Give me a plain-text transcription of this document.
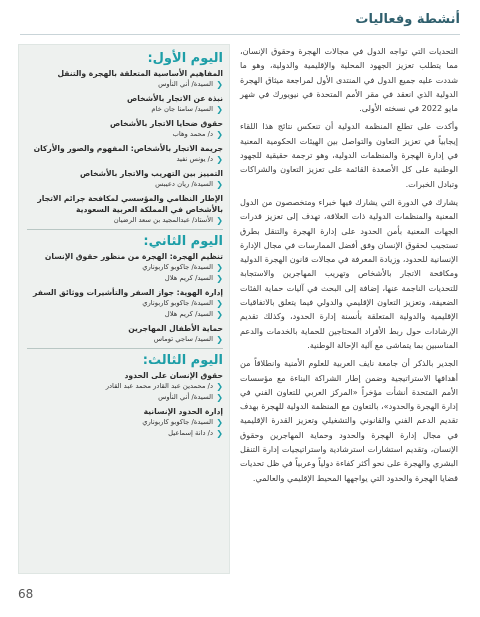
أنشطة وفعاليات

التحديات التي تواجه الدول في مجالات الهجرة وحقوق الإنسان، مما يتطلب تعزيز الجهود المحلية والإقليمية والدولية، وهو ما شددت عليه جميع الدول في المنتدى الأول لمراجعة ميثاق الهجرة الدولية الذي انعقد في مقر الأمم المتحدة في نيويورك في شهر مايو 2022 في نسخته الأولى.

وأكدت على تطلع المنظمة الدولية أن تنعكس نتائج هذا اللقاء إيجابياً في تعزيز التعاون والتواصل بين الهيئات الحكومية المعنية في إدارة الهجرة والمنظمات الدولية، وهو ترجمة حقيقية للجهود الوطنية على كل الأصعدة القائمة على تعزيز التعاون والشراكات وتبادل الخبرات.

يشارك في الدورة التي يشارك فيها خبراء ومتخصصون من الدول المعنية والمنظمات الدولية ذات العلاقة، تهدف إلى تعزيز قدرات الجهات المعنية بأمن الحدود على إدارة الهجرة والتنقل بطرق تستجيب لحقوق الإنسان وفق أفضل الممارسات في مجال الإدارة الإنسانية للحدود، وزيادة المعرفة في مجالات قانون الهجرة الدولية ومكافحة الاتجار بالأشخاص وتهريب المهاجرين والاستجابة للتحديات الناجمة عنها، إضافة إلى البحث في آليات حماية الفئات الضعيفة، وتعزيز التعاون الإقليمي والدولي فيما يتعلق بالاتفاقيات الإقليمية والدولية المتعلقة بأنسنة إدارة الحدود، وكذلك تقديم الإرشادات حول ربط الأفراد المحتاجين للحماية بالخدمات والدعم المناسبين بما يتماشى مع آلية الإحالة الوطنية.

الجدير بالذكر أن جامعة نايف العربية للعلوم الأمنية وانطلاقاً من أهدافها الاستراتيجية وضمن إطار الشراكة البناءة مع مؤسسات الأمم المتحدة أنشأت مؤخراً «المركز العربي للتعاون الفني في إدارة الهجرة والحدود»، بالتعاون مع المنظمة الدولية للهجرة بهدف تقديم الدعم الفني والقانوني والتشغيلي وتعزيز القدرة الإقليمية في مجال إدارة الهجرة والحدود وحماية المهاجرين وحقوق الإنسان، وتقديم استشارات استرشادية واستراتيجيات إدارة التنقل البشري والهجرة على نحو أكثر كفاءة دولياً وعربياً في ظل تحديات قضايا الهجرة والحدود التي يواجهها المحيط الإقليمي والعالمي.

اليوم الأول:
المفاهيم الأساسية المتعلقة بالهجرة والتنقل
❮
السيدة/ أني النأوس
نبذة عن الاتجار بالأشخاص
❮
السيد/ سامنا جان خام
حقوق ضحايا الاتجار بالأشخاص
❮
د/ محمد وهاب
جريمة الاتجار بالأشخاص: المفهوم والصور والأركان
❮
د/ يونس نفيد
التمييز بين التهريب والاتجار بالأشخاص
❮
السيدة/ ريان دعيبس
الإطار النظامي والمؤسسي لمكافحة جرائم الاتجار بالأشخاص في المملكة العربية السعودية
❮
الأستاذ/ عبدالمجيد بن سعد الرضيان
اليوم الثاني:
تنظيم الهجرة: الهجرة من منظور حقوق الإنسان
❮
السيدة/ جاكوبو كاربوناري
❮
السيد/ كريم هلال
إدارة الهوية: جواز السفر والتأشيرات ووثائق السفر
❮
السيدة/ جاكوبو كاربوناري
❮
السيد/ كريم هلال
حماية الأطفال المهاجرين
❮
السيد/ ساجي توماس
اليوم الثالث:
حقوق الإنسان على الحدود
❮
د/ محمدين عبد القادر محمد عبد القادر
❮
السيدة/ أني النأوس
إدارة الحدود الإنسانية
❮
السيدة/ جاكوبو كاربوناري
❮
د/ دانة إسماعيل
68
